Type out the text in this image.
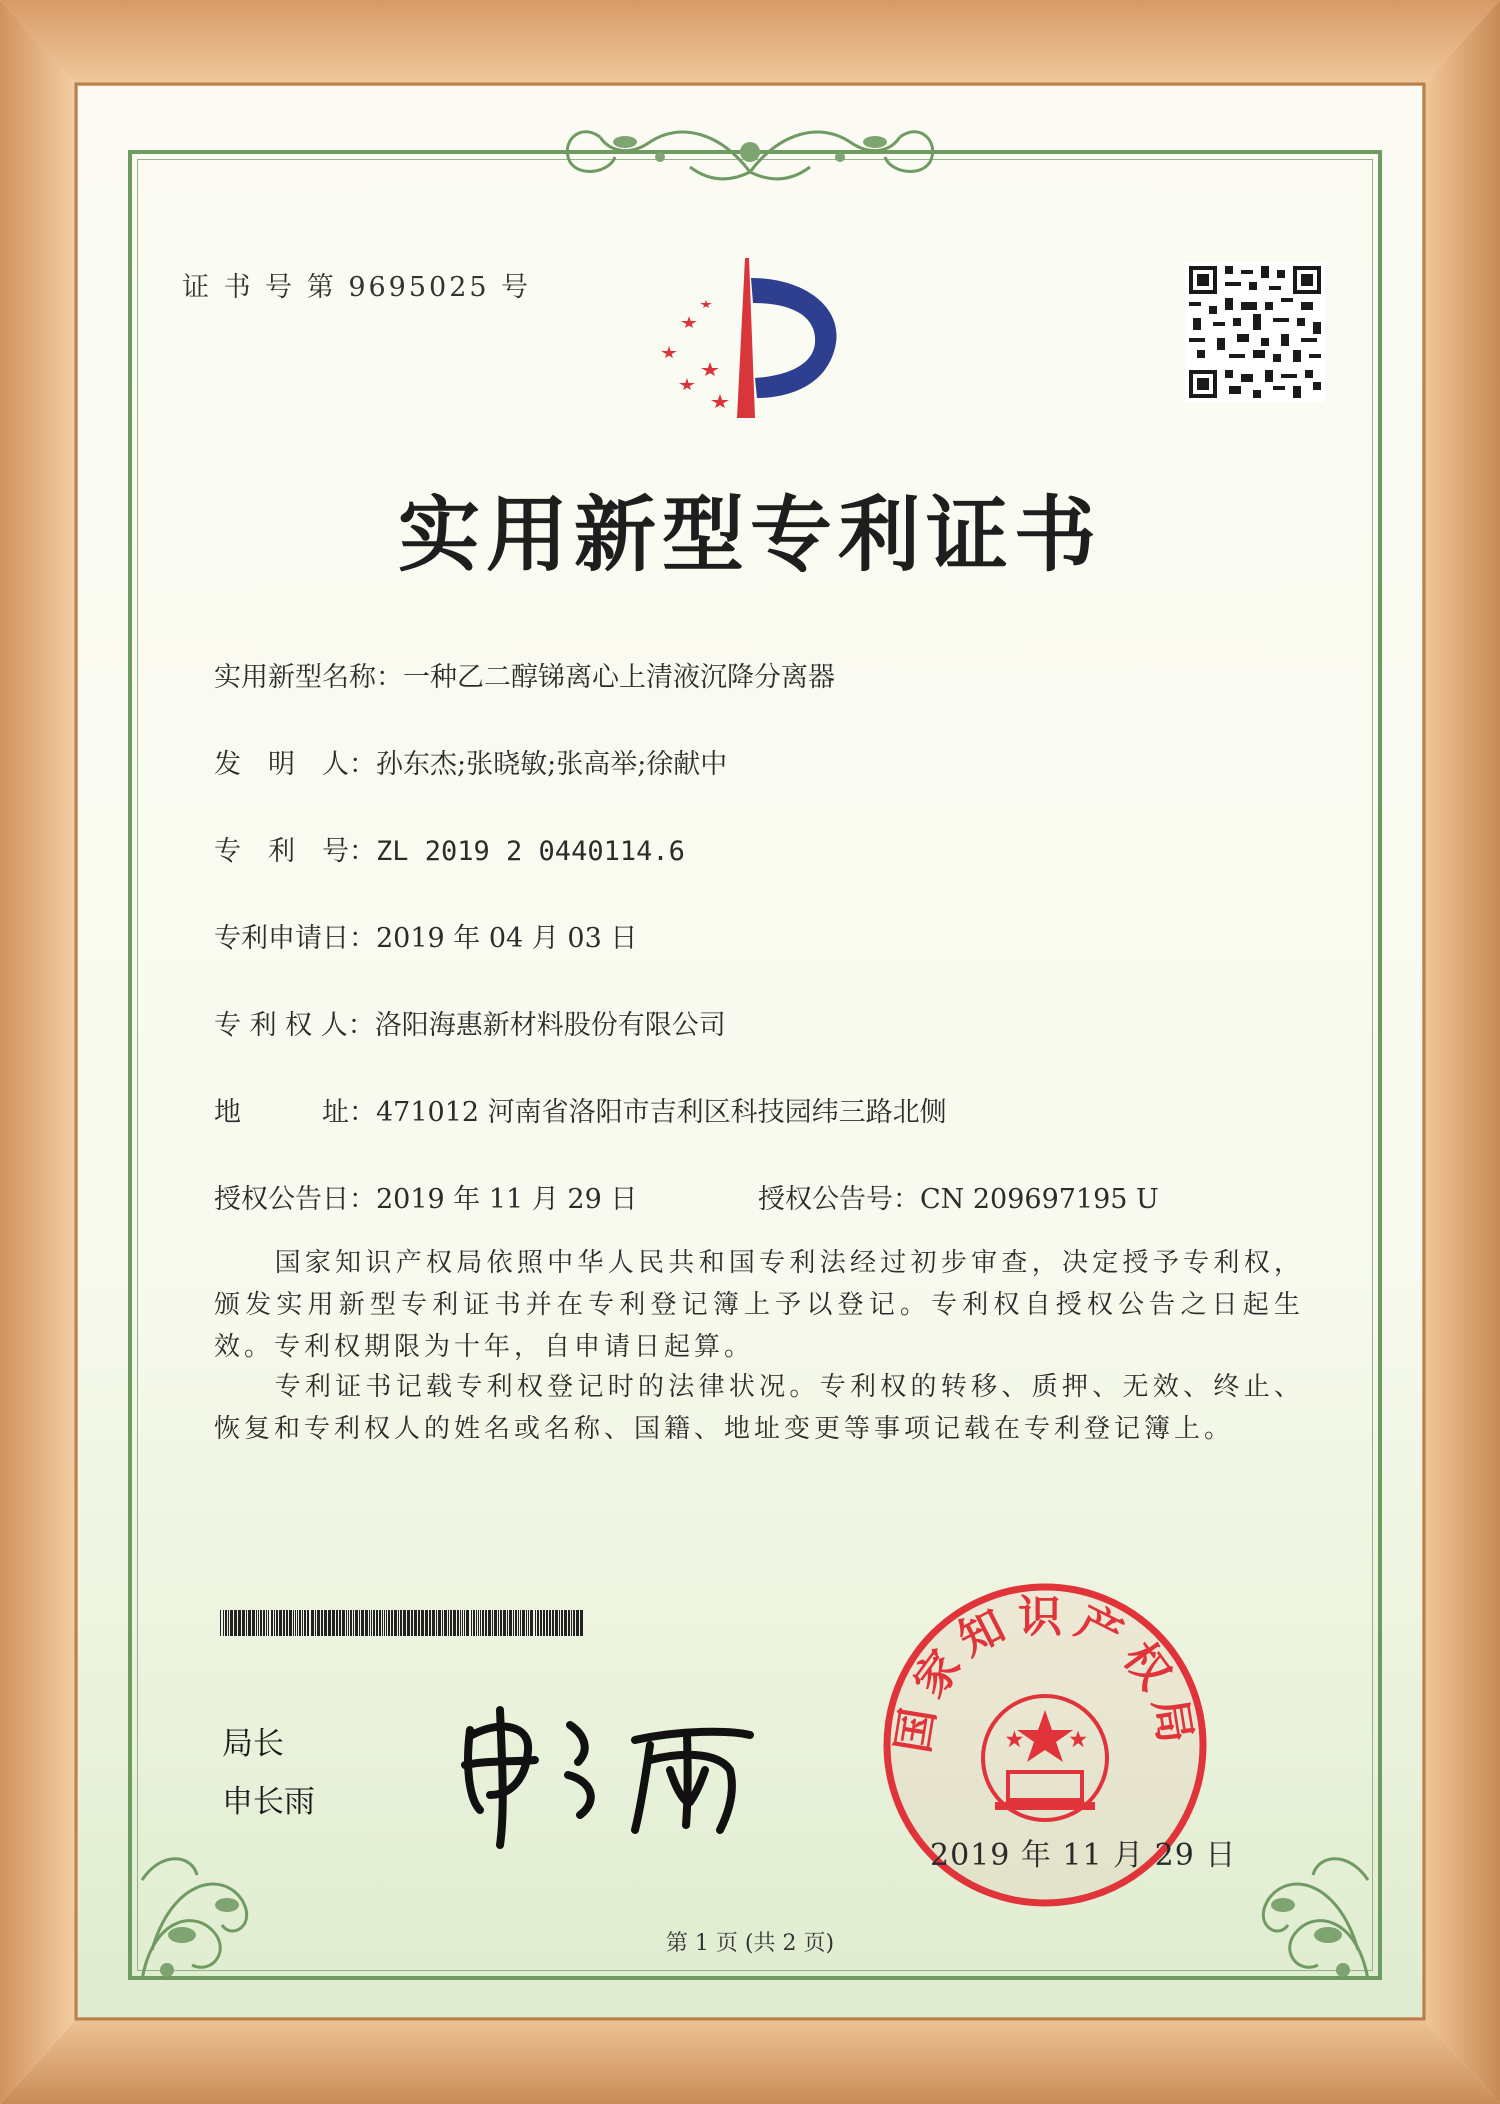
证 书 号 第 9695025 号
实用新型专利证书
实用新型名称：一种乙二醇锑离心上清液沉降分离器
发　明　人：孙东杰;张晓敏;张高举;徐献中
专　利　号：ZL 2019 2 0440114.6
专利申请日：2019 年 04 月 03 日
专 利 权 人：洛阳海惠新材料股份有限公司
地　　　址：471012 河南省洛阳市吉利区科技园纬三路北侧
授权公告日：2019 年 11 月 29 日	授权公告号：CN 209697195 U
　　国家知识产权局依照中华人民共和国专利法经过初步审查，决定授予专利权，颁发实用新型专利证书并在专利登记簿上予以登记。专利权自授权公告之日起生效。专利权期限为十年，自申请日起算。
　　专利证书记载专利权登记时的法律状况。专利权的转移、质押、无效、终止、恢复和专利权人的姓名或名称、国籍、地址变更等事项记载在专利登记簿上。
局长
申长雨
国家知识产权局
2019 年 11 月 29 日
第 1 页 (共 2 页)
